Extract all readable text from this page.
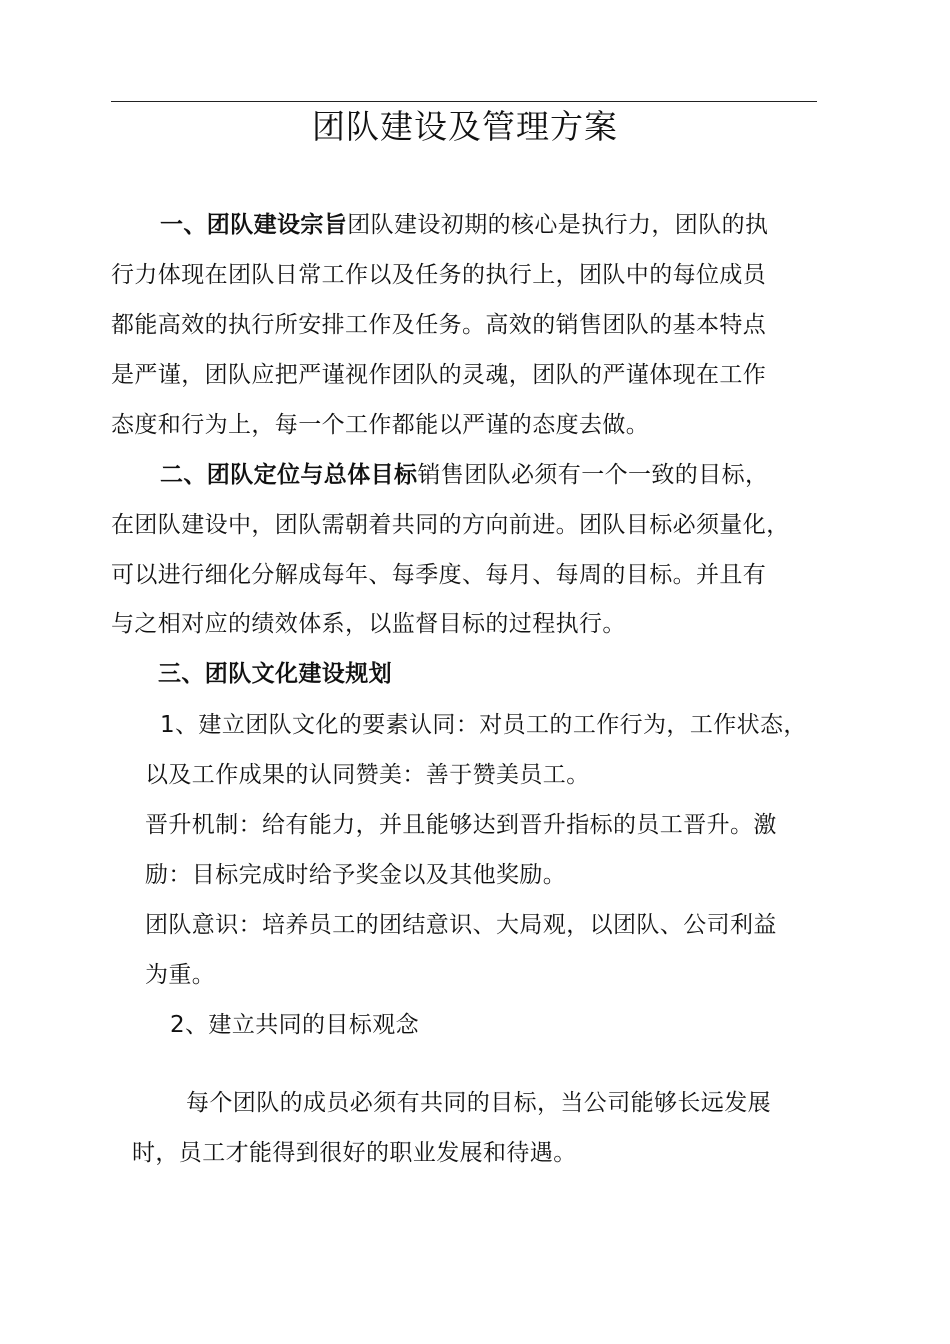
团队建设及管理方案
一、团队建设宗旨团队建设初期的核心是执行力，团队的执
行力体现在团队日常工作以及任务的执行上，团队中的每位成员
都能高效的执行所安排工作及任务。高效的销售团队的基本特点
是严谨，团队应把严谨视作团队的灵魂，团队的严谨体现在工作
态度和行为上，每一个工作都能以严谨的态度去做。
二、团队定位与总体目标销售团队必须有一个一致的目标，
在团队建设中，团队需朝着共同的方向前进。团队目标必须量化，
可以进行细化分解成每年、每季度、每月、每周的目标。并且有
与之相对应的绩效体系，以监督目标的过程执行。
三、团队文化建设规划
1、建立团队文化的要素认同：对员工的工作行为，工作状态，
以及工作成果的认同赞美：善于赞美员工。
晋升机制：给有能力，并且能够达到晋升指标的员工晋升。激
励：目标完成时给予奖金以及其他奖励。
团队意识：培养员工的团结意识、大局观，以团队、公司利益
为重。
2、建立共同的目标观念
每个团队的成员必须有共同的目标，当公司能够长远发展
时，员工才能得到很好的职业发展和待遇。
